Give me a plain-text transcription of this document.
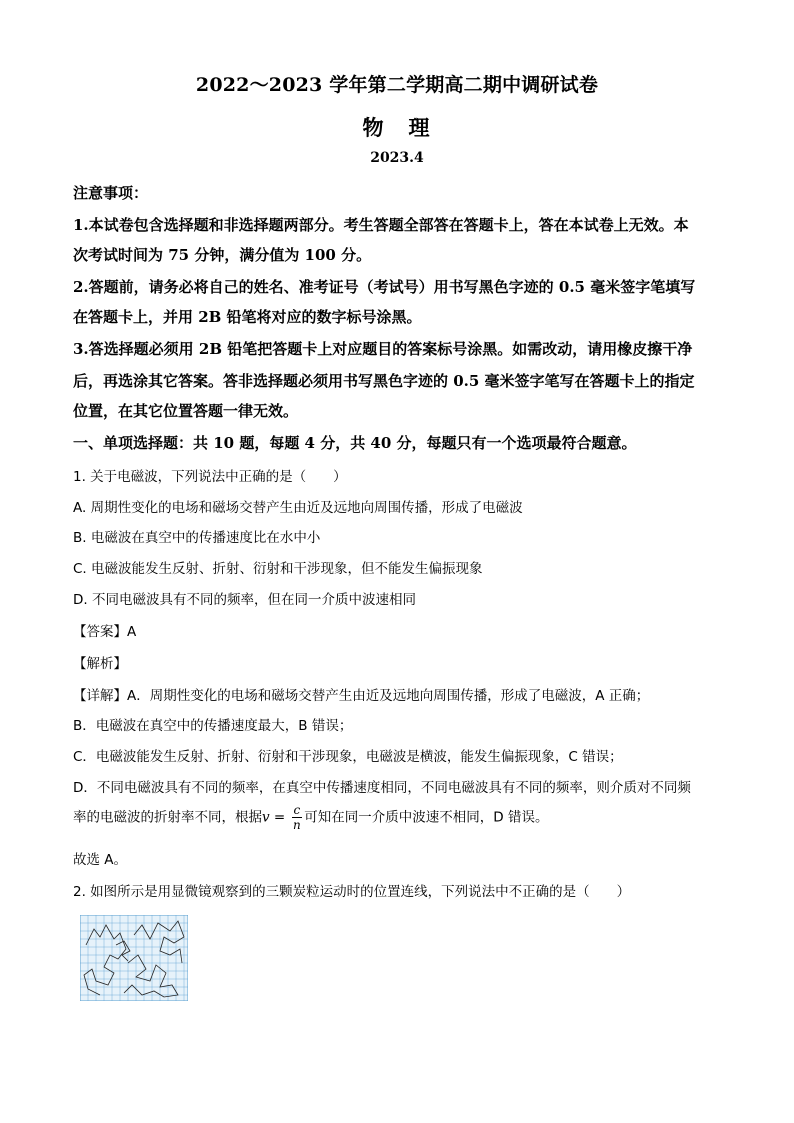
2022～2023 学年第二学期高二期中调研试卷
物　理
2023.4
注意事项：
1.本试卷包含选择题和非选择题两部分。考生答题全部答在答题卡上，答在本试卷上无效。本
次考试时间为 75 分钟，满分值为 100 分。
2.答题前，请务必将自己的姓名、准考证号（考试号）用书写黑色字迹的 0.5 毫米签字笔填写
在答题卡上，并用 2B 铅笔将对应的数字标号涂黑。
3.答选择题必须用 2B 铅笔把答题卡上对应题目的答案标号涂黑。如需改动，请用橡皮擦干净
后，再选涂其它答案。答非选择题必须用书写黑色字迹的 0.5 毫米签字笔写在答题卡上的指定
位置，在其它位置答题一律无效。
一、单项选择题：共 10 题，每题 4 分，共 40 分，每题只有一个选项最符合题意。
1. 关于电磁波，下列说法中正确的是（　　）
A. 周期性变化的电场和磁场交替产生由近及远地向周围传播，形成了电磁波
B. 电磁波在真空中的传播速度比在水中小
C. 电磁波能发生反射、折射、衍射和干涉现象，但不能发生偏振现象
D. 不同电磁波具有不同的频率，但在同一介质中波速相同
【答案】A
【解析】
【详解】A．周期性变化的电场和磁场交替产生由近及远地向周围传播，形成了电磁波，A 正确；
B．电磁波在真空中的传播速度最大，B 错误；
C．电磁波能发生反射、折射、衍射和干涉现象，电磁波是横波，能发生偏振现象，C 错误；
D．不同电磁波具有不同的频率，在真空中传播速度相同，不同电磁波具有不同的频率，则介质对不同频
率的电磁波的折射率不同，根据$v = \frac{c}{n}$ 可知在同一介质中波速不相同，D 错误。
故选 A。
2. 如图所示是用显微镜观察到的三颗炭粒运动时的位置连线，下列说法中不正确的是（　　）
